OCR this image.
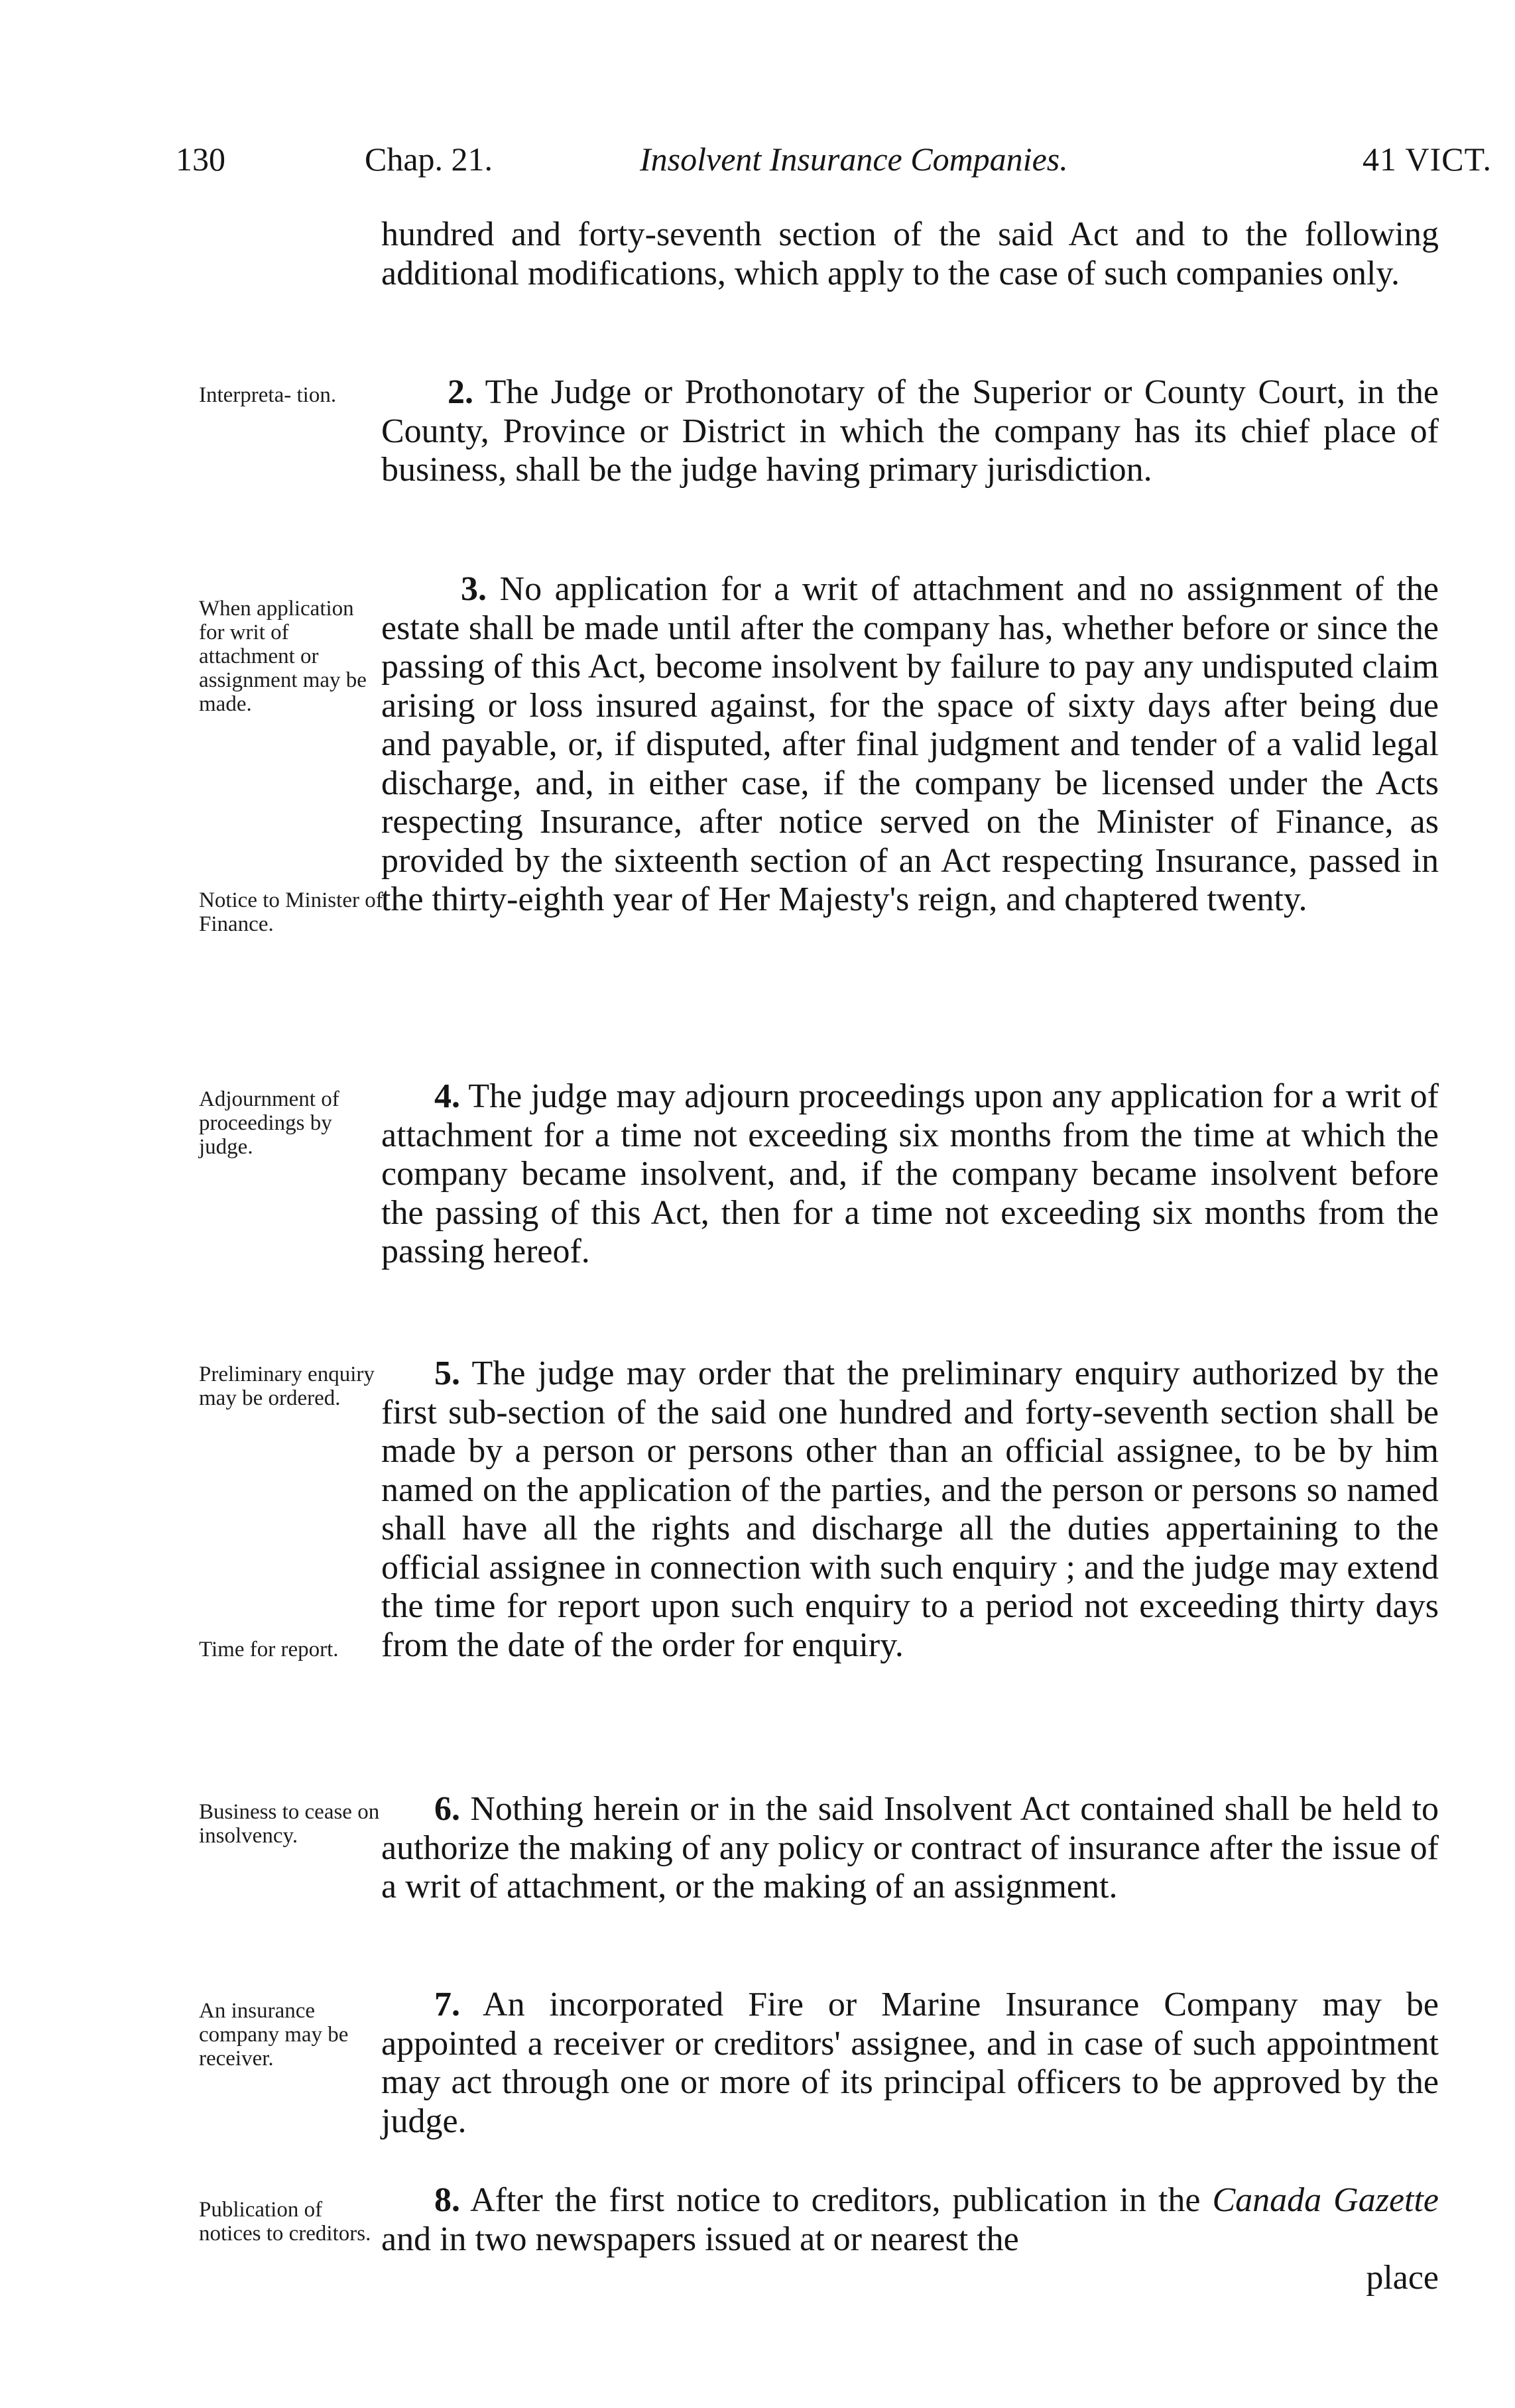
130	Chap. 21.	Insolvent Insurance Companies.	41 VICT.
hundred and forty-seventh section of the said Act and to the following additional modifications, which apply to the case of such companies only.
Interpreta- tion.	2. The Judge or Prothonotary of the Superior or County Court, in the County, Province or District in which the company has its chief place of business, shall be the judge having primary jurisdiction.
When application for writ of attachment or assignment may be made.
Notice to Minister of Finance.
3. No application for a writ of attachment and no assignment of the estate shall be made until after the company has, whether before or since the passing of this Act, become insolvent by failure to pay any undisputed claim arising or loss insured against, for the space of sixty days after being due and payable, or, if disputed, after final judgment and tender of a valid legal discharge, and, in either case, if the company be licensed under the Acts respecting Insurance, after notice served on the Minister of Finance, as provided by the sixteenth section of an Act respecting Insurance, passed in the thirty-eighth year of Her Majesty's reign, and chaptered twenty.
Adjournment of proceedings by judge.
4. The judge may adjourn proceedings upon any application for a writ of attachment for a time not exceeding six months from the time at which the company became insolvent, and, if the company became insolvent before the passing of this Act, then for a time not exceeding six months from the passing hereof.
Preliminary enquiry may be ordered.
Time for report.
5. The judge may order that the preliminary enquiry authorized by the first sub-section of the said one hundred and forty-seventh section shall be made by a person or persons other than an official assignee, to be by him named on the application of the parties, and the person or persons so named shall have all the rights and discharge all the duties appertaining to the official assignee in connection with such enquiry ; and the judge may extend the time for report upon such enquiry to a period not exceeding thirty days from the date of the order for enquiry.
Business to cease on insolvency.
6. Nothing herein or in the said Insolvent Act contained shall be held to authorize the making of any policy or contract of insurance after the issue of a writ of attachment, or the making of an assignment.
An insurance company may be receiver.
7. An incorporated Fire or Marine Insurance Company may be appointed a receiver or creditors' assignee, and in case of such appointment may act through one or more of its principal officers to be approved by the judge.
Publication of notices to creditors.
8. After the first notice to creditors, publication in the Canada Gazette and in two newspapers issued at or nearest the
place
